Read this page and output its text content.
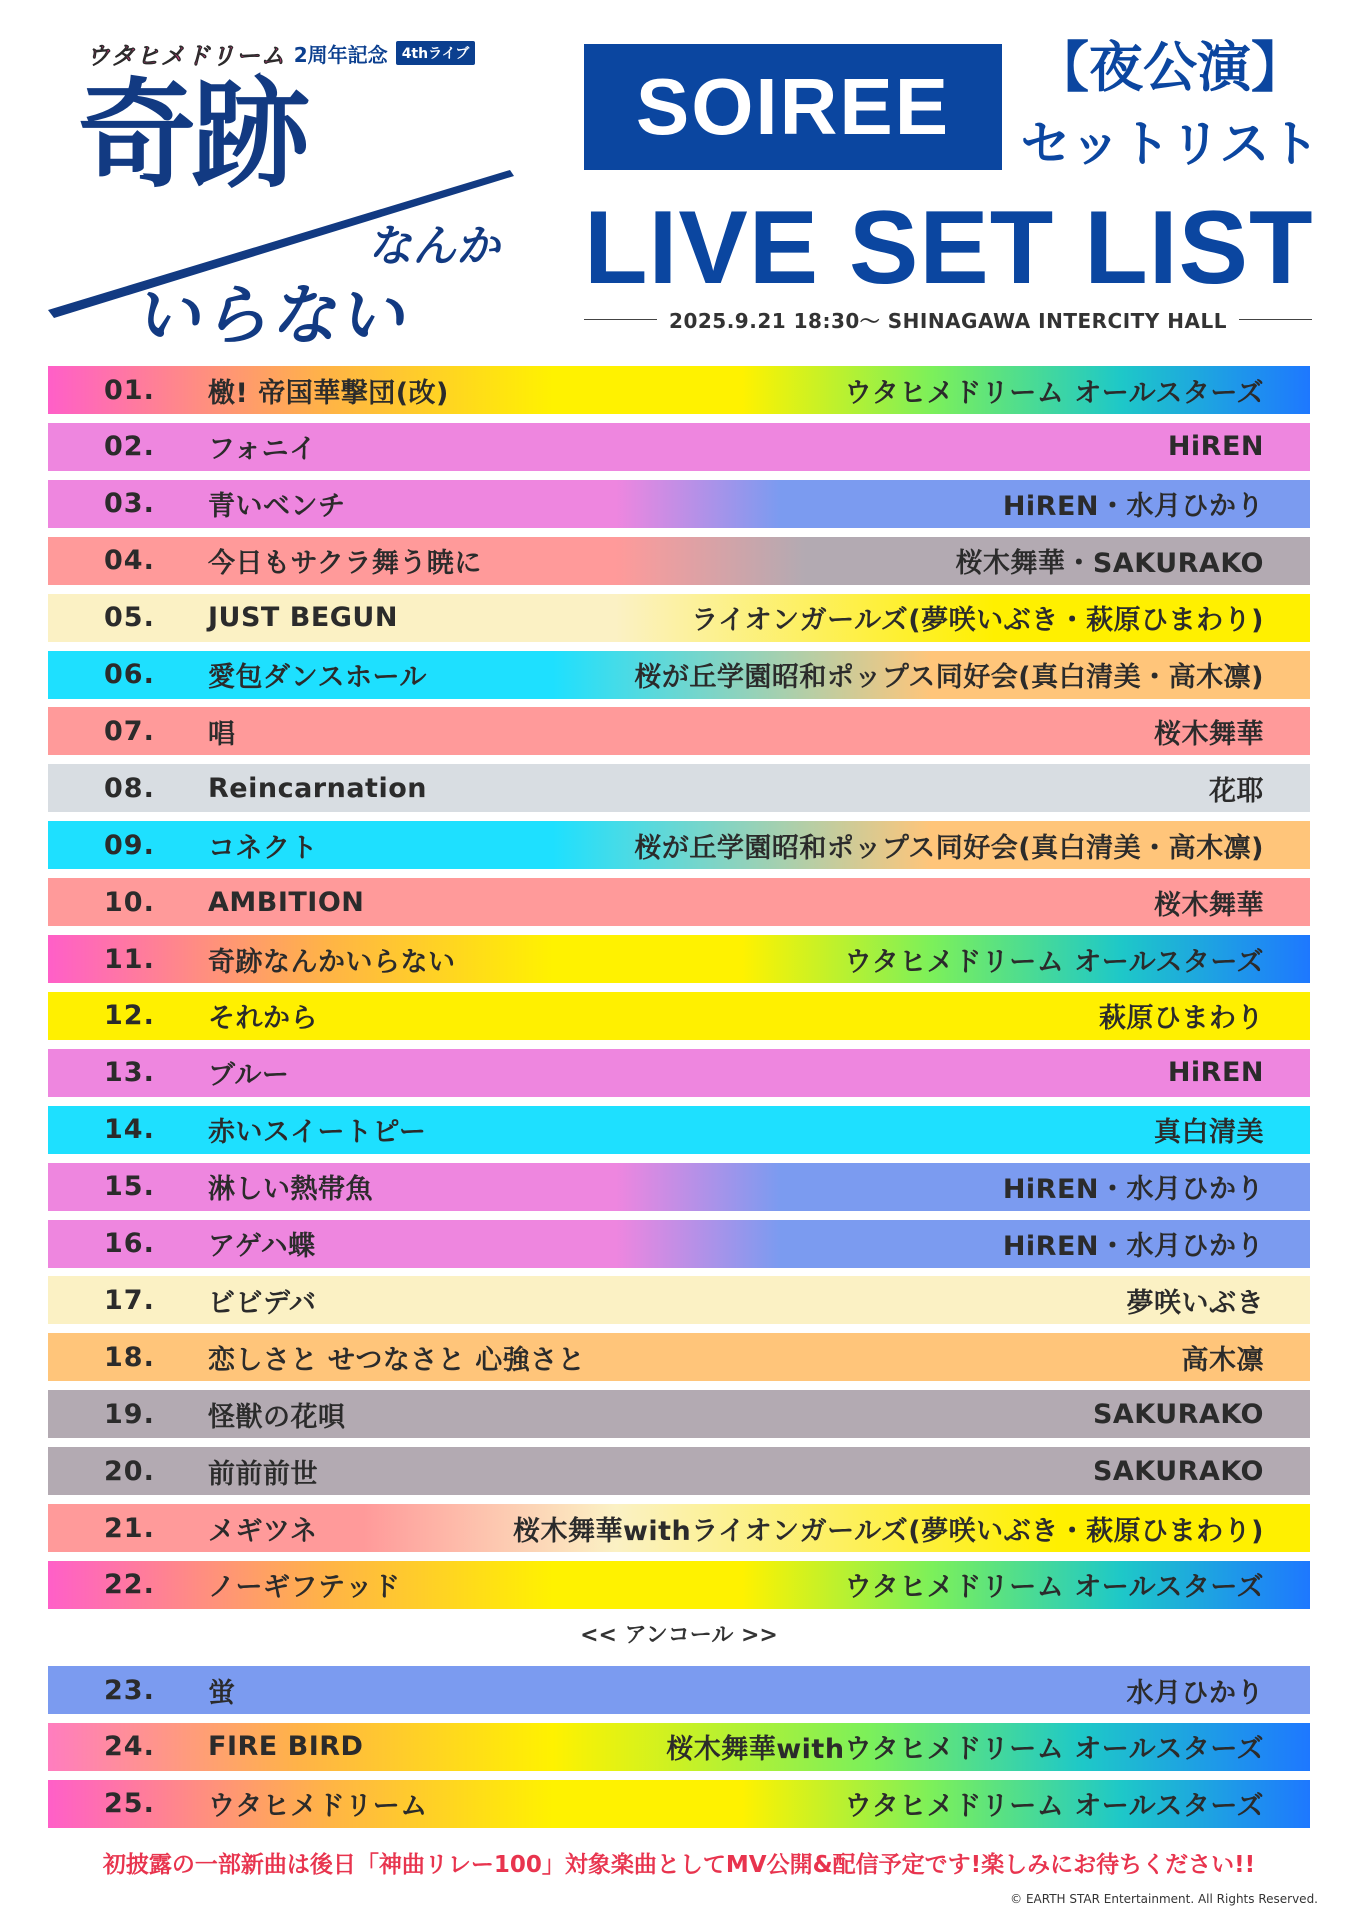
ウタヒメドリーム 2周年記念	4thライブ
奇跡
なんか
いらない
SOIREE	【夜公演】
セットリスト
LIVE SET LIST
2025.9.21 18:30〜 SHINAGAWA INTERCITY HALL
01.	檄! 帝国華撃団(改)	ウタヒメドリーム オールスターズ
02.	フォニイ	HiREN
03.	青いベンチ	HiREN・水月ひかり
04.	今日もサクラ舞う暁に	桜木舞華・SAKURAKO
05.	JUST BEGUN	ライオンガールズ(夢咲いぶき・萩原ひまわり)
06.	愛包ダンスホール	桜が丘学園昭和ポップス同好会(真白清美・高木凛)
07.	唱	桜木舞華
08.	Reincarnation	花耶
09.	コネクト	桜が丘学園昭和ポップス同好会(真白清美・高木凛)
10.	AMBITION	桜木舞華
11.	奇跡なんかいらない	ウタヒメドリーム オールスターズ
12.	それから	萩原ひまわり
13.	ブルー	HiREN
14.	赤いスイートピー	真白清美
15.	淋しい熱帯魚	HiREN・水月ひかり
16.	アゲハ蝶	HiREN・水月ひかり
17.	ビビデバ	夢咲いぶき
18.	恋しさと せつなさと 心強さと	高木凛
19.	怪獣の花唄	SAKURAKO
20.	前前前世	SAKURAKO
21.	メギツネ	桜木舞華withライオンガールズ(夢咲いぶき・萩原ひまわり)
22.	ノーギフテッド	ウタヒメドリーム オールスターズ
<< アンコール >>
23.	蛍	水月ひかり
24.	FIRE BIRD	桜木舞華withウタヒメドリーム オールスターズ
25.	ウタヒメドリーム	ウタヒメドリーム オールスターズ
初披露の一部新曲は後日「神曲リレー100」対象楽曲としてMV公開&配信予定です!楽しみにお待ちください!!
© EARTH STAR Entertainment. All Rights Reserved.
